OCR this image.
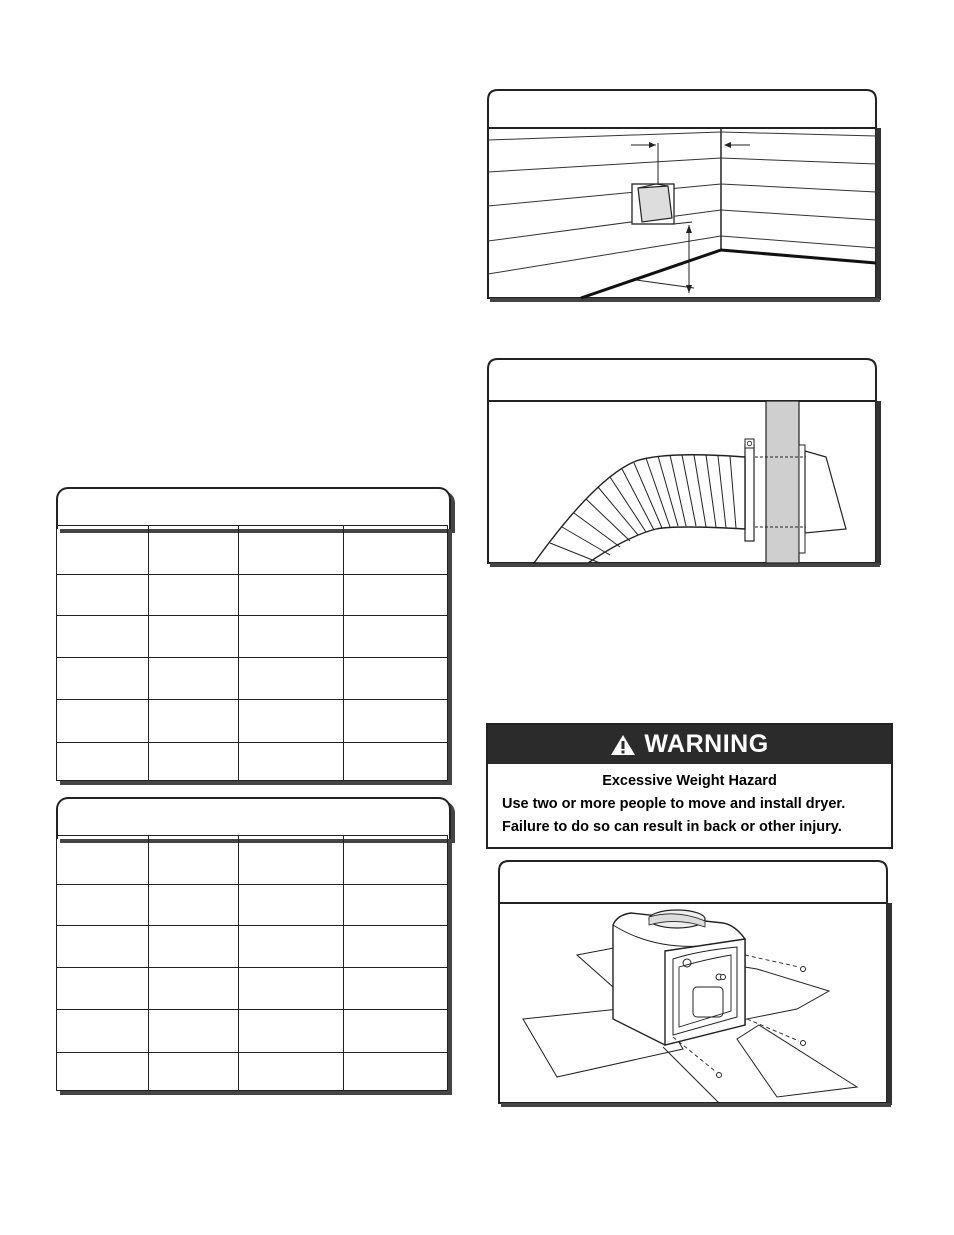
WARNING
Excessive Weight Hazard
Use two or more people to move and install dryer.
Failure to do so can result in back or other injury.
